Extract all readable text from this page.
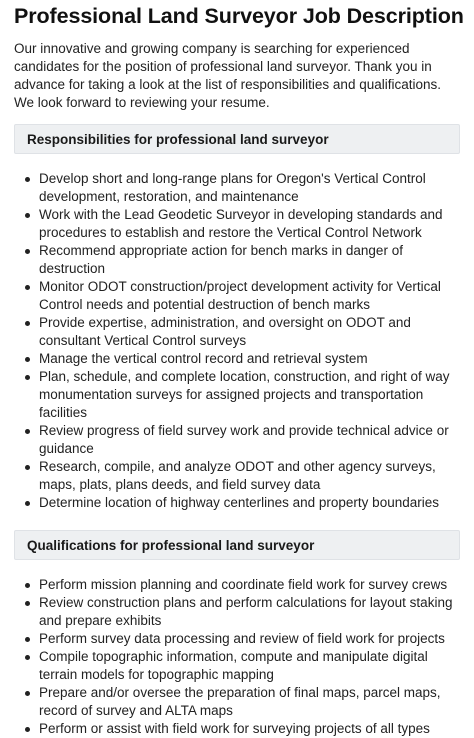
Professional Land Surveyor Job Description

Our innovative and growing company is searching for experienced candidates for the position of professional land surveyor. Thank you in advance for taking a look at the list of responsibilities and qualifications. We look forward to reviewing your resume.

Responsibilities for professional land surveyor
Develop short and long-range plans for Oregon's Vertical Control development, restoration, and maintenance
Work with the Lead Geodetic Surveyor in developing standards and procedures to establish and restore the Vertical Control Network
Recommend appropriate action for bench marks in danger of destruction
Monitor ODOT construction/project development activity for Vertical Control needs and potential destruction of bench marks
Provide expertise, administration, and oversight on ODOT and consultant Vertical Control surveys
Manage the vertical control record and retrieval system
Plan, schedule, and complete location, construction, and right of way monumentation surveys for assigned projects and transportation facilities
Review progress of field survey work and provide technical advice or guidance
Research, compile, and analyze ODOT and other agency surveys, maps, plats, plans deeds, and field survey data
Determine location of highway centerlines and property boundaries
Qualifications for professional land surveyor
Perform mission planning and coordinate field work for survey crews
Review construction plans and perform calculations for layout staking and prepare exhibits
Perform survey data processing and review of field work for projects
Compile topographic information, compute and manipulate digital terrain models for topographic mapping
Prepare and/or oversee the preparation of final maps, parcel maps, record of survey and ALTA maps
Perform or assist with field work for surveying projects of all types
